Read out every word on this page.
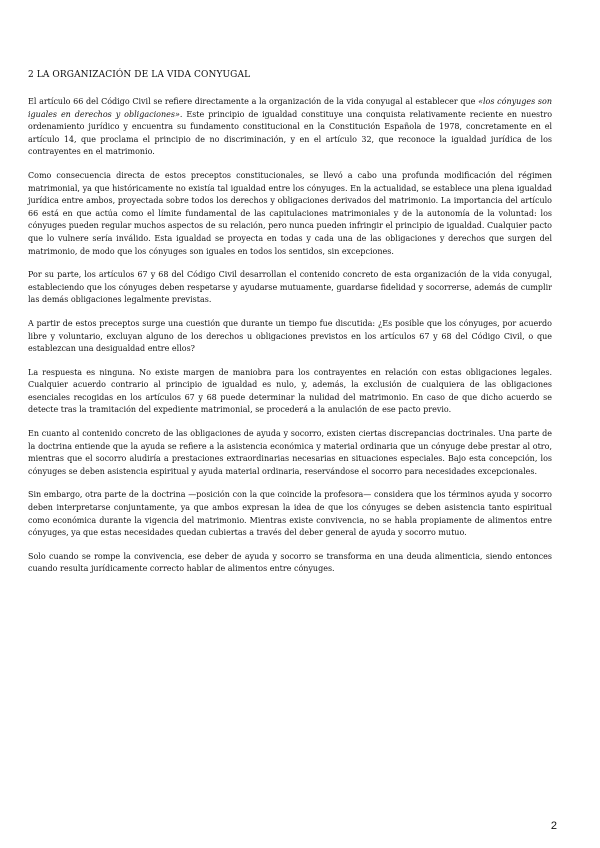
2 LA ORGANIZACIÓN DE LA VIDA CONYUGAL

El artículo 66 del Código Civil se refiere directamente a la organización de la vida conyugal al establecer que «los cónyuges son iguales en derechos y obligaciones». Este principio de igualdad constituye una conquista relativamente reciente en nuestro ordenamiento jurídico y encuentra su fundamento constitucional en la Constitución Española de 1978, concretamente en el artículo 14, que proclama el principio de no discriminación, y en el artículo 32, que reconoce la igualdad jurídica de los contrayentes en el matrimonio.

Como consecuencia directa de estos preceptos constitucionales, se llevó a cabo una profunda modificación del régimen matrimonial, ya que históricamente no existía tal igualdad entre los cónyuges. En la actualidad, se establece una plena igualdad jurídica entre ambos, proyectada sobre todos los derechos y obligaciones derivados del matrimonio. La importancia del artículo 66 está en que actúa como el límite fundamental de las capitulaciones matrimoniales y de la autonomía de la voluntad: los cónyuges pueden regular muchos aspectos de su relación, pero nunca pueden infringir el principio de igualdad. Cualquier pacto que lo vulnere sería inválido. Esta igualdad se proyecta en todas y cada una de las obligaciones y derechos que surgen del matrimonio, de modo que los cónyuges son iguales en todos los sentidos, sin excepciones.

Por su parte, los artículos 67 y 68 del Código Civil desarrollan el contenido concreto de esta organización de la vida conyugal, estableciendo que los cónyuges deben respetarse y ayudarse mutuamente, guardarse fidelidad y socorrerse, además de cumplir las demás obligaciones legalmente previstas.

A partir de estos preceptos surge una cuestión que durante un tiempo fue discutida: ¿Es posible que los cónyuges, por acuerdo libre y voluntario, excluyan alguno de los derechos u obligaciones previstos en los artículos 67 y 68 del Código Civil, o que establezcan una desigualdad entre ellos?

La respuesta es ninguna. No existe margen de maniobra para los contrayentes en relación con estas obligaciones legales. Cualquier acuerdo contrario al principio de igualdad es nulo, y, además, la exclusión de cualquiera de las obligaciones esenciales recogidas en los artículos 67 y 68 puede determinar la nulidad del matrimonio. En caso de que dicho acuerdo se detecte tras la tramitación del expediente matrimonial, se procederá a la anulación de ese pacto previo.

En cuanto al contenido concreto de las obligaciones de ayuda y socorro, existen ciertas discrepancias doctrinales. Una parte de la doctrina entiende que la ayuda se refiere a la asistencia económica y material ordinaria que un cónyuge debe prestar al otro, mientras que el socorro aludiría a prestaciones extraordinarias necesarias en situaciones especiales. Bajo esta concepción, los cónyuges se deben asistencia espiritual y ayuda material ordinaria, reservándose el socorro para necesidades excepcionales.

Sin embargo, otra parte de la doctrina —posición con la que coincide la profesora— considera que los términos ayuda y socorro deben interpretarse conjuntamente, ya que ambos expresan la idea de que los cónyuges se deben asistencia tanto espiritual como económica durante la vigencia del matrimonio. Mientras existe convivencia, no se habla propiamente de alimentos entre cónyuges, ya que estas necesidades quedan cubiertas a través del deber general de ayuda y socorro mutuo.

Solo cuando se rompe la convivencia, ese deber de ayuda y socorro se transforma en una deuda alimenticia, siendo entonces cuando resulta jurídicamente correcto hablar de alimentos entre cónyuges.

2
